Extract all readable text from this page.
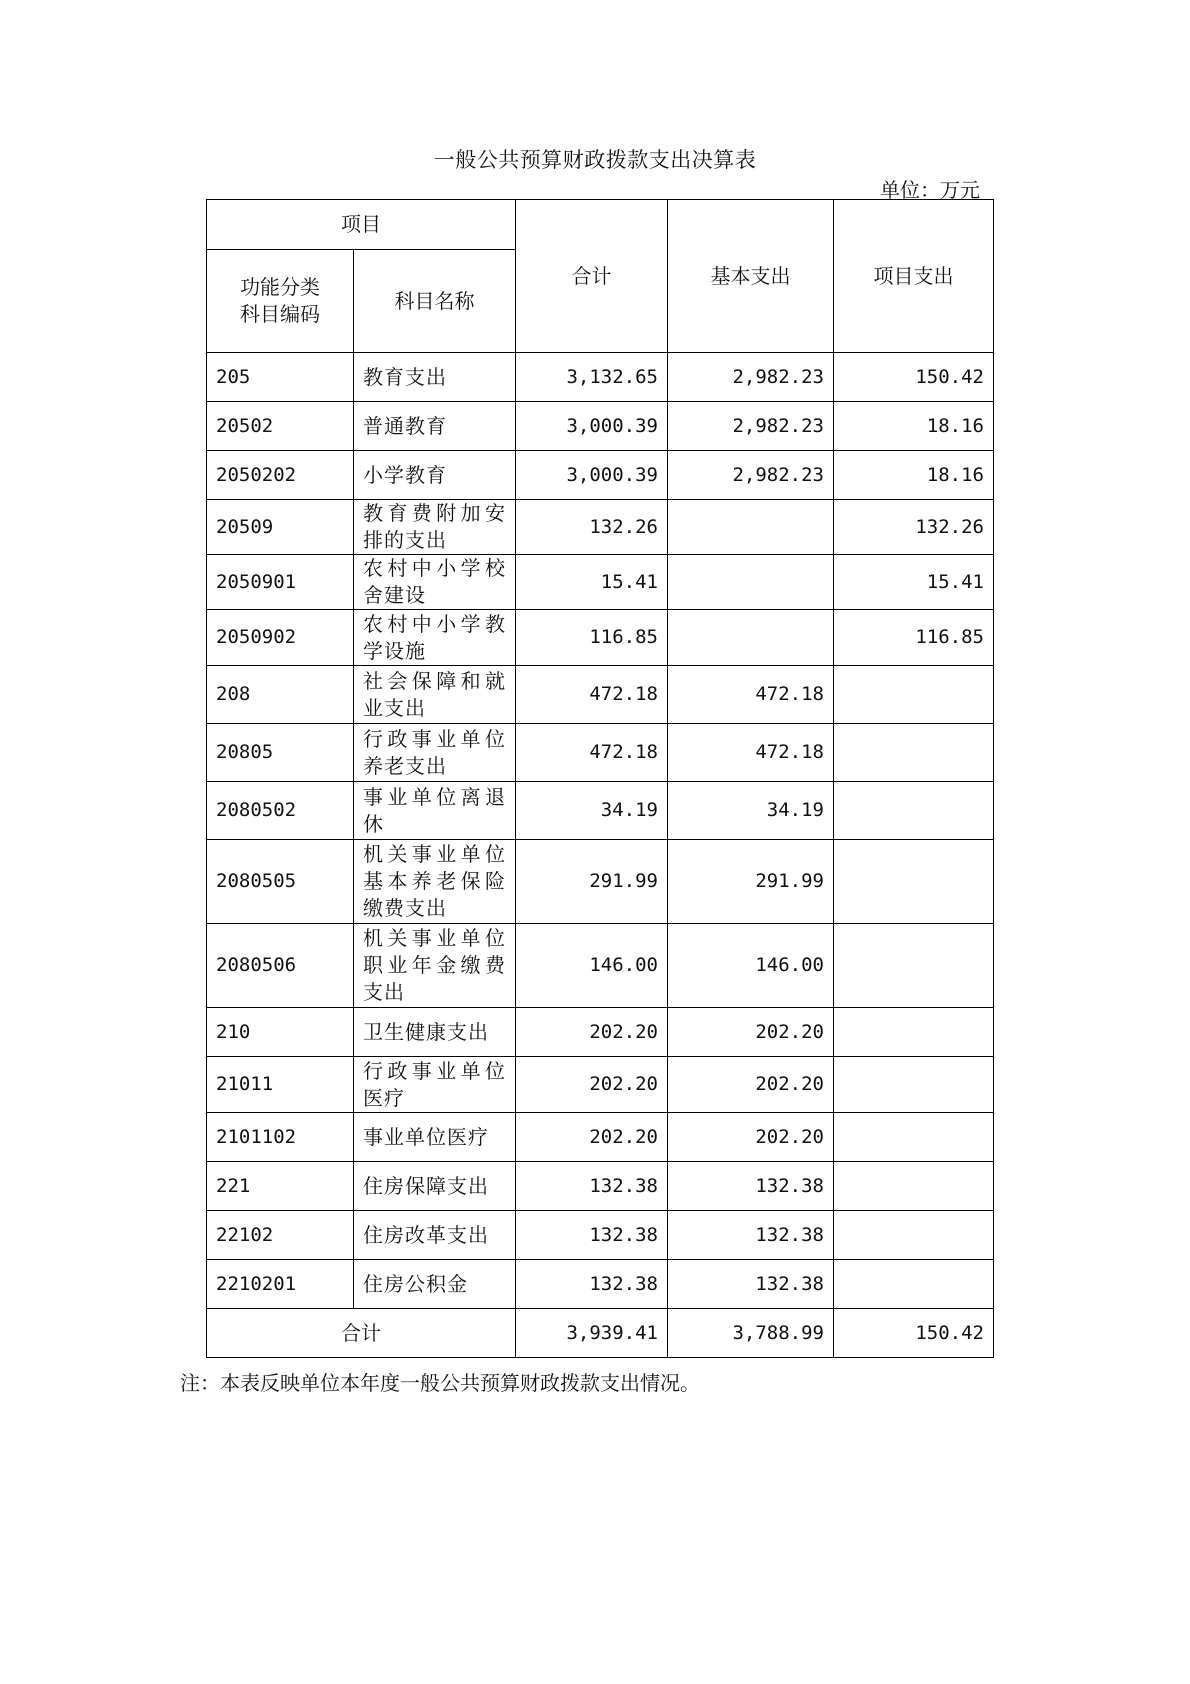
一般公共预算财政拨款支出决算表
单位：万元
项目		合计	基本支出	项目支出
功能分类科目编码	科目名称			
205	教育支出	3,132.65	2,982.23	150.42
20502	普通教育	3,000.39	2,982.23	18.16
2050202	小学教育	3,000.39	2,982.23	18.16
20509	教育费附加安排的支出	132.26		132.26
2050901	农村中小学校舍建设	15.41		15.41
2050902	农村中小学教学设施	116.85		116.85
208	社会保障和就业支出	472.18	472.18	
20805	行政事业单位养老支出	472.18	472.18	
2080502	事业单位离退休	34.19	34.19	
2080505	机关事业单位基本养老保险缴费支出	291.99	291.99	
2080506	机关事业单位职业年金缴费支出	146.00	146.00	
210	卫生健康支出	202.20	202.20	
21011	行政事业单位医疗	202.20	202.20	
2101102	事业单位医疗	202.20	202.20	
221	住房保障支出	132.38	132.38	
22102	住房改革支出	132.38	132.38	
2210201	住房公积金	132.38	132.38	
合计		3,939.41	3,788.99	150.42
注：本表反映单位本年度一般公共预算财政拨款支出情况。
